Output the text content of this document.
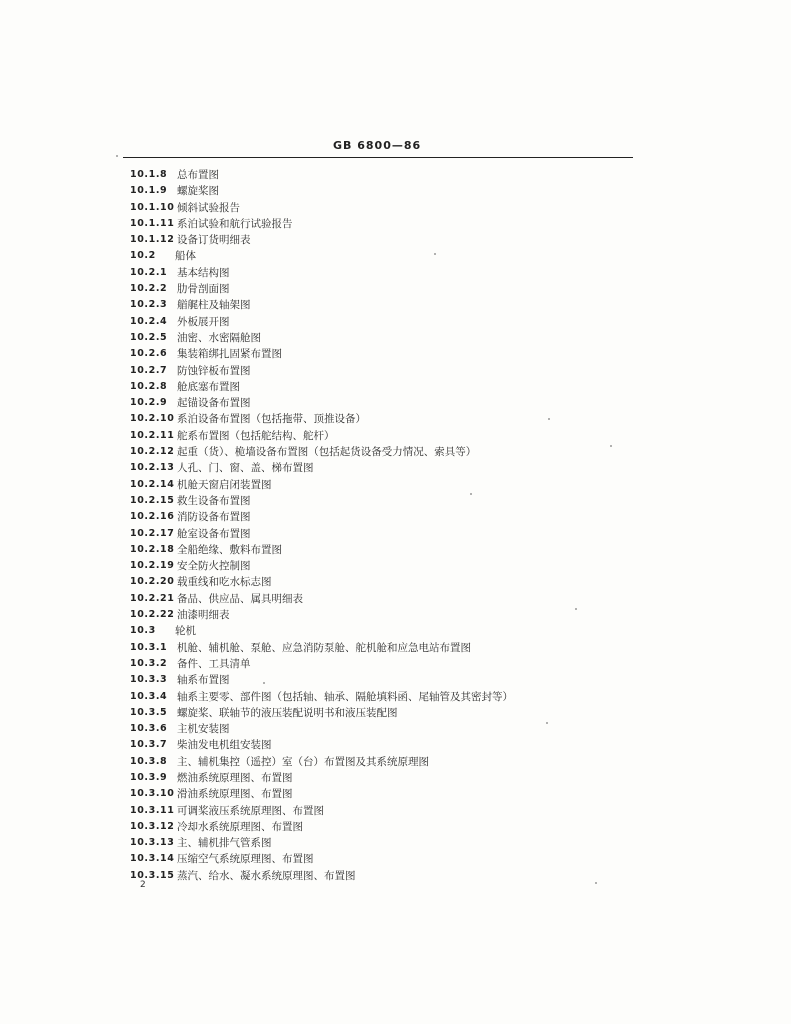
GB 6800—86
10.1.8 总布置图
10.1.9 螺旋桨图
10.1.10 倾斜试验报告
10.1.11 系泊试验和航行试验报告
10.1.12 设备订货明细表
10.2 船体
10.2.1 基本结构图
10.2.2 肋骨剖面图
10.2.3 艏艉柱及轴架图
10.2.4 外板展开图
10.2.5 油密、水密隔舱图
10.2.6 集装箱绑扎固紧布置图
10.2.7 防蚀锌板布置图
10.2.8 舱底塞布置图
10.2.9 起锚设备布置图
10.2.10 系泊设备布置图（包括拖带、顶推设备）
10.2.11 舵系布置图（包括舵结构、舵杆）
10.2.12 起重（货）、桅墙设备布置图（包括起货设备受力情况、索具等）
10.2.13 人孔、门、窗、盖、梯布置图
10.2.14 机舱天窗启闭装置图
10.2.15 救生设备布置图
10.2.16 消防设备布置图
10.2.17 舱室设备布置图
10.2.18 全船绝缘、敷料布置图
10.2.19 安全防火控制图
10.2.20 载重线和吃水标志图
10.2.21 备品、供应品、属具明细表
10.2.22 油漆明细表
10.3 轮机
10.3.1 机舱、辅机舱、泵舱、应急消防泵舱、舵机舱和应急电站布置图
10.3.2 备件、工具清单
10.3.3 轴系布置图
10.3.4 轴系主要零、部件图（包括轴、轴承、隔舱填料函、尾轴管及其密封等）
10.3.5 螺旋桨、联轴节的液压装配说明书和液压装配图
10.3.6 主机安装图
10.3.7 柴油发电机组安装图
10.3.8 主、辅机集控（遥控）室（台）布置图及其系统原理图
10.3.9 燃油系统原理图、布置图
10.3.10 滑油系统原理图、布置图
10.3.11 可调桨液压系统原理图、布置图
10.3.12 冷却水系统原理图、布置图
10.3.13 主、辅机排气管系图
10.3.14 压缩空气系统原理图、布置图
10.3.15 蒸汽、给水、凝水系统原理图、布置图
2
